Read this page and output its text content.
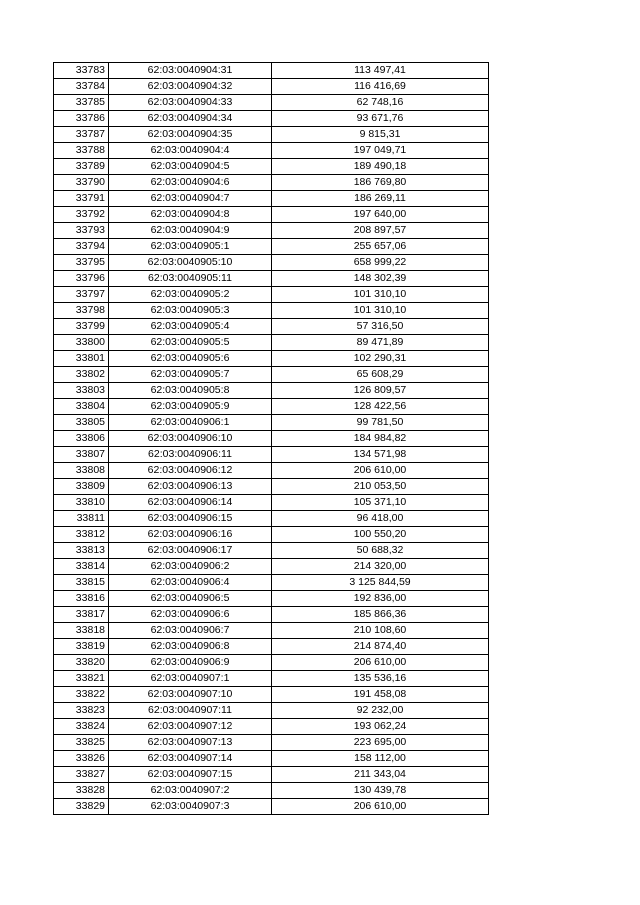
33783	62:03:0040904:31	113 497,41
33784	62:03:0040904:32	116 416,69
33785	62:03:0040904:33	62 748,16
33786	62:03:0040904:34	93 671,76
33787	62:03:0040904:35	9 815,31
33788	62:03:0040904:4	197 049,71
33789	62:03:0040904:5	189 490,18
33790	62:03:0040904:6	186 769,80
33791	62:03:0040904:7	186 269,11
33792	62:03:0040904:8	197 640,00
33793	62:03:0040904:9	208 897,57
33794	62:03:0040905:1	255 657,06
33795	62:03:0040905:10	658 999,22
33796	62:03:0040905:11	148 302,39
33797	62:03:0040905:2	101 310,10
33798	62:03:0040905:3	101 310,10
33799	62:03:0040905:4	57 316,50
33800	62:03:0040905:5	89 471,89
33801	62:03:0040905:6	102 290,31
33802	62:03:0040905:7	65 608,29
33803	62:03:0040905:8	126 809,57
33804	62:03:0040905:9	128 422,56
33805	62:03:0040906:1	99 781,50
33806	62:03:0040906:10	184 984,82
33807	62:03:0040906:11	134 571,98
33808	62:03:0040906:12	206 610,00
33809	62:03:0040906:13	210 053,50
33810	62:03:0040906:14	105 371,10
33811	62:03:0040906:15	96 418,00
33812	62:03:0040906:16	100 550,20
33813	62:03:0040906:17	50 688,32
33814	62:03:0040906:2	214 320,00
33815	62:03:0040906:4	3 125 844,59
33816	62:03:0040906:5	192 836,00
33817	62:03:0040906:6	185 866,36
33818	62:03:0040906:7	210 108,60
33819	62:03:0040906:8	214 874,40
33820	62:03:0040906:9	206 610,00
33821	62:03:0040907:1	135 536,16
33822	62:03:0040907:10	191 458,08
33823	62:03:0040907:11	92 232,00
33824	62:03:0040907:12	193 062,24
33825	62:03:0040907:13	223 695,00
33826	62:03:0040907:14	158 112,00
33827	62:03:0040907:15	211 343,04
33828	62:03:0040907:2	130 439,78
33829	62:03:0040907:3	206 610,00
